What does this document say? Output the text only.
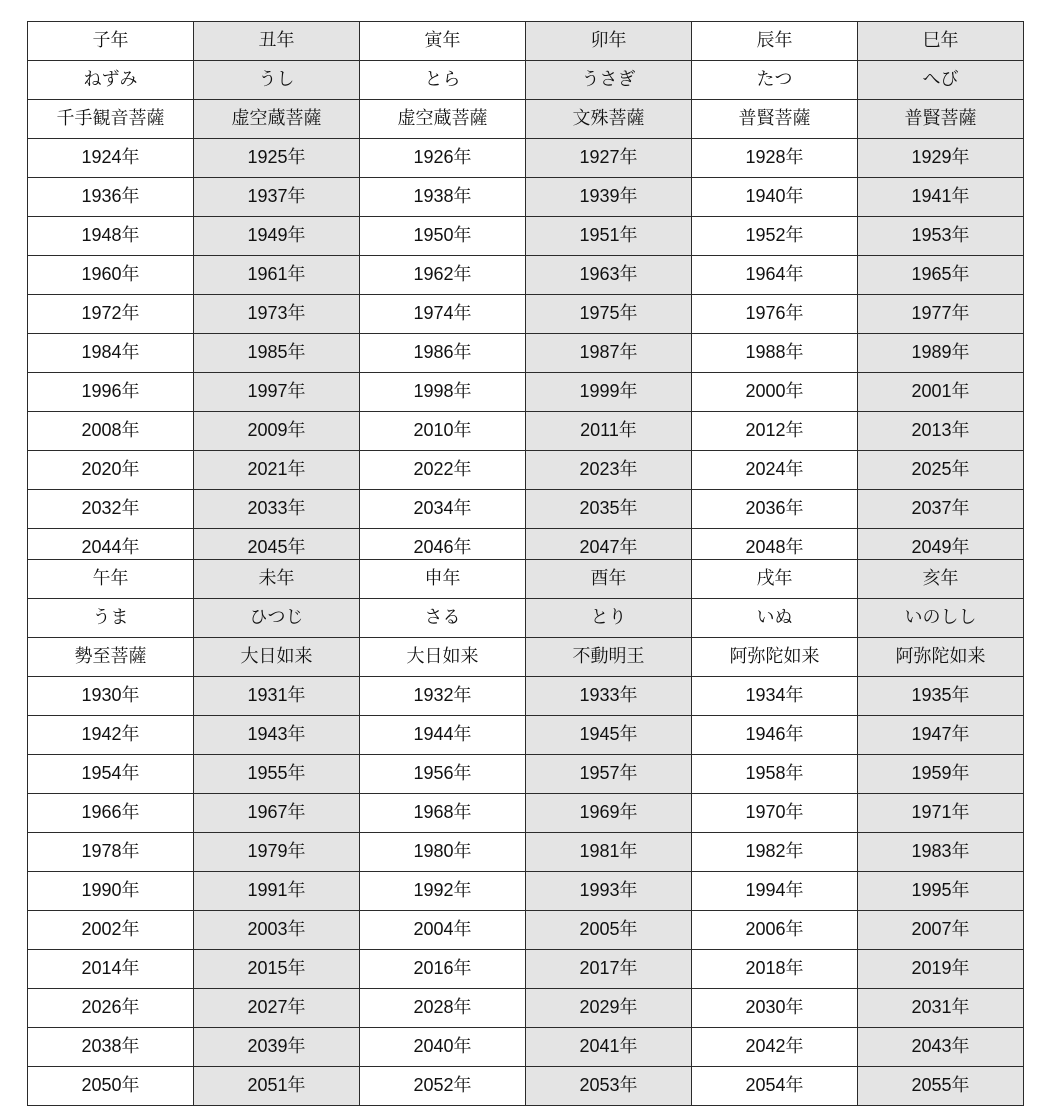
子年	丑年	寅年	卯年	辰年	巳年
ねずみ	うし	とら	うさぎ	たつ	へび
千手観音菩薩	虚空蔵菩薩	虚空蔵菩薩	文殊菩薩	普賢菩薩	普賢菩薩
1924年	1925年	1926年	1927年	1928年	1929年
1936年	1937年	1938年	1939年	1940年	1941年
1948年	1949年	1950年	1951年	1952年	1953年
1960年	1961年	1962年	1963年	1964年	1965年
1972年	1973年	1974年	1975年	1976年	1977年
1984年	1985年	1986年	1987年	1988年	1989年
1996年	1997年	1998年	1999年	2000年	2001年
2008年	2009年	2010年	2011年	2012年	2013年
2020年	2021年	2022年	2023年	2024年	2025年
2032年	2033年	2034年	2035年	2036年	2037年
2044年	2045年	2046年	2047年	2048年	2049年
午年	未年	申年	酉年	戌年	亥年
うま	ひつじ	さる	とり	いぬ	いのしし
勢至菩薩	大日如来	大日如来	不動明王	阿弥陀如来	阿弥陀如来
1930年	1931年	1932年	1933年	1934年	1935年
1942年	1943年	1944年	1945年	1946年	1947年
1954年	1955年	1956年	1957年	1958年	1959年
1966年	1967年	1968年	1969年	1970年	1971年
1978年	1979年	1980年	1981年	1982年	1983年
1990年	1991年	1992年	1993年	1994年	1995年
2002年	2003年	2004年	2005年	2006年	2007年
2014年	2015年	2016年	2017年	2018年	2019年
2026年	2027年	2028年	2029年	2030年	2031年
2038年	2039年	2040年	2041年	2042年	2043年
2050年	2051年	2052年	2053年	2054年	2055年
